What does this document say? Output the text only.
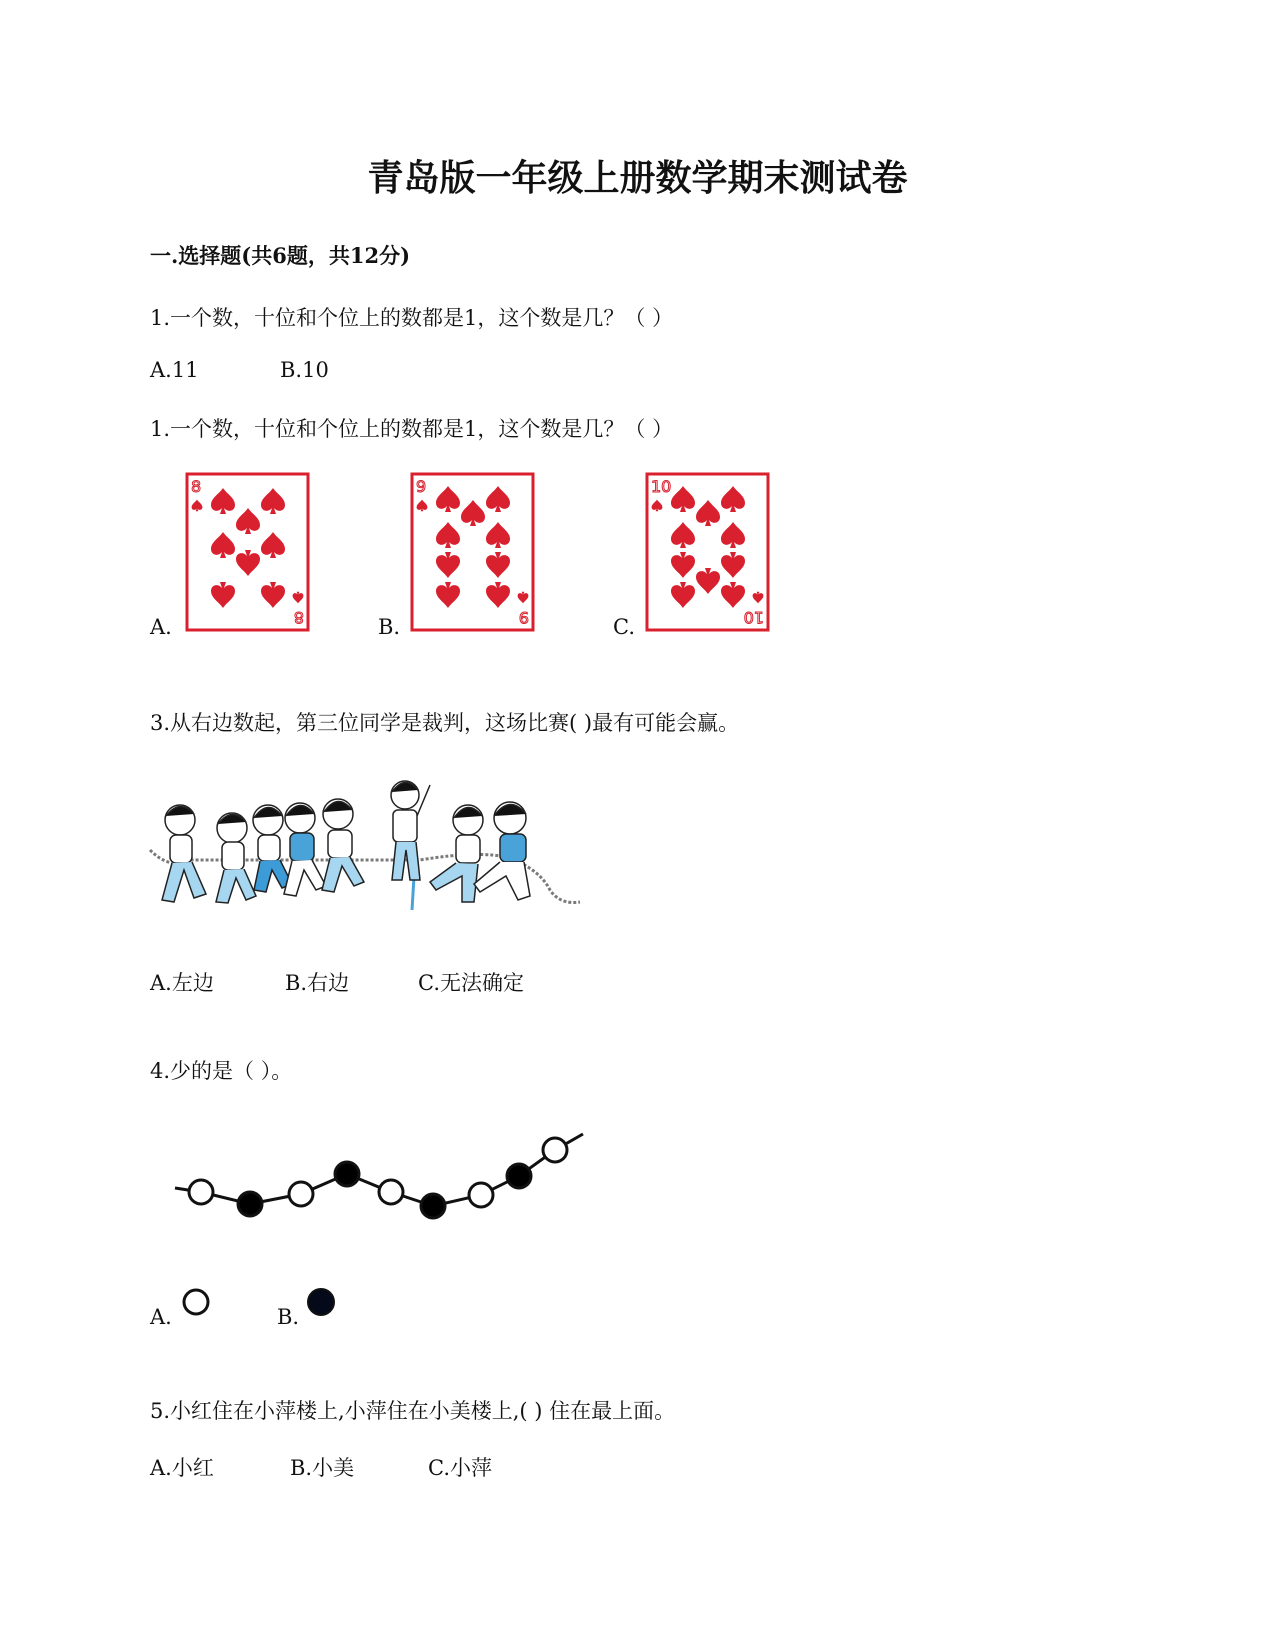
青岛版一年级上册数学期末测试卷
一.选择题(共6题，共12分)
1.一个数，十位和个位上的数都是1，这个数是几？（ ）
A.11	B.10
1.一个数，十位和个位上的数都是1，这个数是几？（ ）
A.
8
8	B.
9
9	C.
10
10
3.从右边数起，第三位同学是裁判，这场比赛( )最有可能会赢。
A.左边	B.右边	C.无法确定
4.少的是（ ）。
A.	B.
5.小红住在小萍楼上,小萍住在小美楼上,( ) 住在最上面。
A.小红	B.小美	C.小萍
